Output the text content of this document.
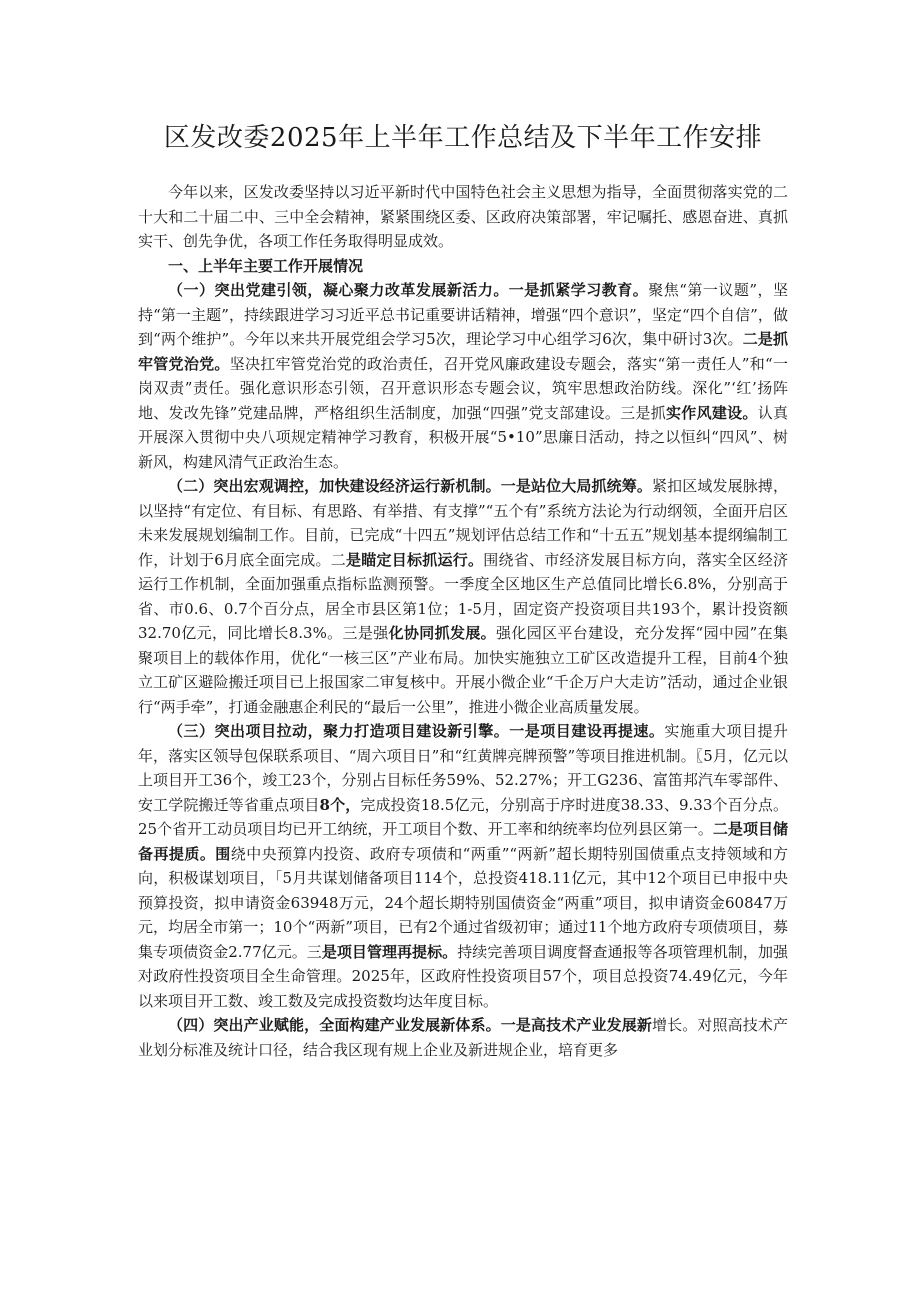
区发改委2025年上半年工作总结及下半年工作安排

今年以来，区发改委坚持以习近平新时代中国特色社会主义思想为指导，全面贯彻落实党的二十大和二十届二中、三中全会精神，紧紧围绕区委、区政府决策部署，牢记嘱托、感恩奋进、真抓实干、创先争优，各项工作任务取得明显成效。

一、上半年主要工作开展情况

（一）突出党建引领，凝心聚力改革发展新活力。一是抓紧学习教育。聚焦“第一议题”，坚持“第一主题”，持续跟进学习习近平总书记重要讲话精神，增强“四个意识”，坚定“四个自信”，做到“两个维护”。今年以来共开展党组会学习5次，理论学习中心组学习6次，集中研讨3次。二是抓牢管党治党。坚决扛牢管党治党的政治责任，召开党风廉政建设专题会，落实“第一责任人”和“一岗双责”责任。强化意识形态引领，召开意识形态专题会议，筑牢思想政治防线。深化”‘红’扬阵地、发改先锋”党建品牌，严格组织生活制度，加强“四强”党支部建设。三是抓实作风建设。认真开展深入贯彻中央八项规定精神学习教育，积极开展“5•10”思廉日活动，持之以恒纠“四风”、树新风，构建风清气正政治生态。

（二）突出宏观调控，加快建设经济运行新机制。一是站位大局抓统筹。紧扣区域发展脉搏，以坚持“有定位、有目标、有思路、有举措、有支撑”“五个有”系统方法论为行动纲领，全面开启区未来发展规划编制工作。目前，已完成“十四五”规划评估总结工作和“十五五”规划基本提纲编制工作，计划于6月底全面完成。二是瞄定目标抓运行。围绕省、市经济发展目标方向，落实全区经济运行工作机制，全面加强重点指标监测预警。一季度全区地区生产总值同比增长6.8%，分别高于省、市0.6、0.7个百分点，居全市县区第1位；1-5月，固定资产投资项目共193个，累计投资额32.70亿元，同比增长8.3%。三是强化协同抓发展。强化园区平台建设，充分发挥“园中园”在集聚项目上的载体作用，优化“一核三区”产业布局。加快实施独立工矿区改造提升工程，目前4个独立工矿区避险搬迁项目已上报国家二审复核中。开展小微企业“千企万户大走访”活动，通过企业银行“两手牵”，打通金融惠企利民的“最后一公里”，推进小微企业高质量发展。

（三）突出项目拉动，聚力打造项目建设新引擎。一是项目建设再提速。实施重大项目提升年，落实区领导包保联系项目、“周六项目日”和“红黄牌亮牌预警”等项目推进机制。〖5月，亿元以上项目开工36个，竣工23个，分别占目标任务59%、52.27%；开工G236、富笛邦汽车零部件、安工学院搬迁等省重点项目8个，完成投资18.5亿元，分别高于序时进度38.33、9.33个百分点。25个省开工动员项目均已开工纳统，开工项目个数、开工率和纳统率均位列县区第一。二是项目储备再提质。围绕中央预算内投资、政府专项债和“两重”“两新”超长期特别国债重点支持领域和方向，积极谋划项目，「5月共谋划储备项目114个，总投资418.11亿元，其中12个项目已申报中央预算投资，拟申请资金63948万元，24个超长期特别国债资金“两重”项目，拟申请资金60847万元，均居全市第一；10个“两新”项目，已有2个通过省级初审；通过11个地方政府专项债项目，募集专项债资金2.77亿元。三是项目管理再提标。持续完善项目调度督查通报等各项管理机制，加强对政府性投资项目全生命管理。2025年，区政府性投资项目57个，项目总投资74.49亿元，今年以来项目开工数、竣工数及完成投资数均达年度目标。

（四）突出产业赋能，全面构建产业发展新体系。一是高技术产业发展新增长。对照高技术产业划分标准及统计口径，结合我区现有规上企业及新进规企业，培育更多
